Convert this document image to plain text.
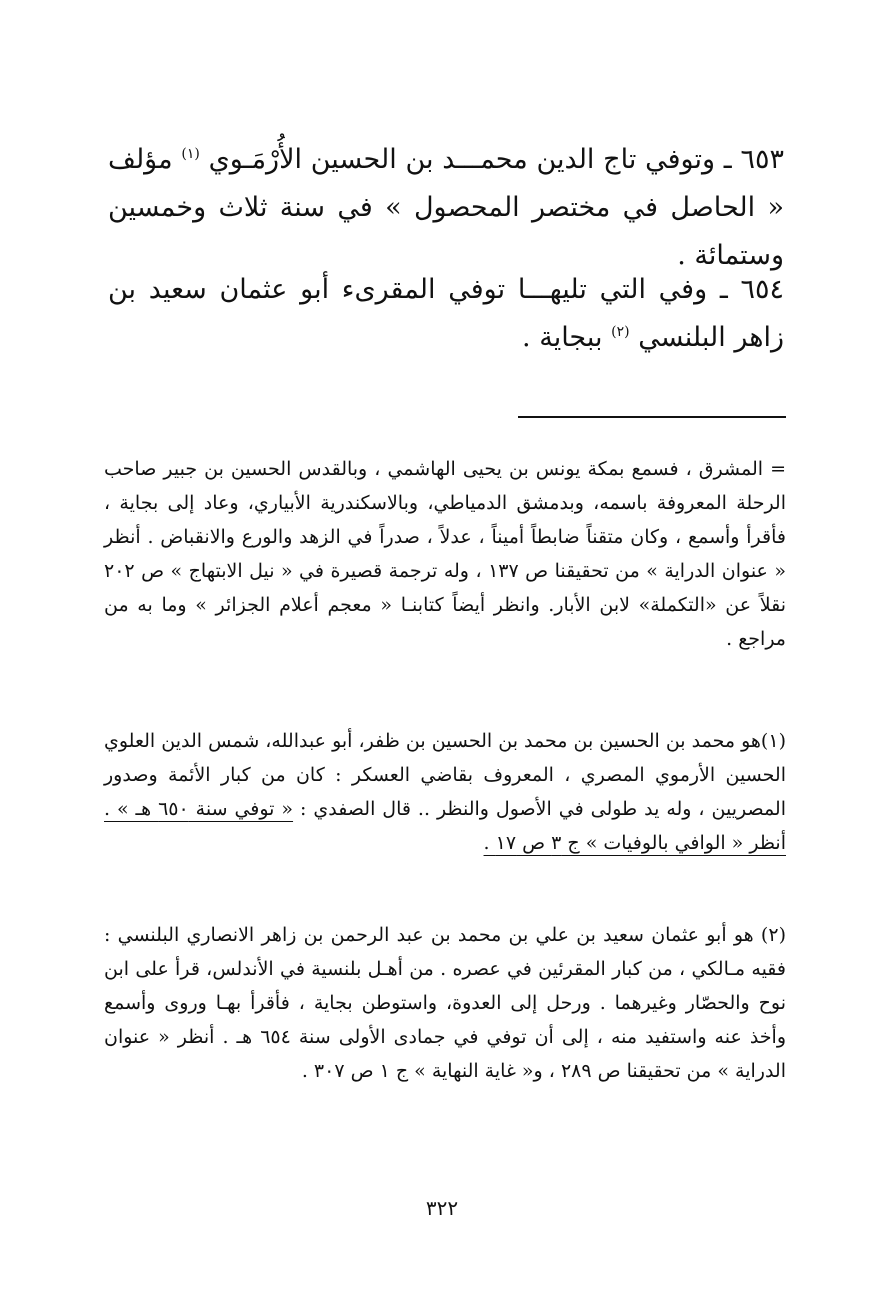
٦٥٣ ـ وتوفي تاج الدين محمـــد بن الحسين الأُرْمَـوي $^{(١)}$ مؤلف « الحاصل في مختصر المحصول » في سنة ثلاث وخمسين وستمائة .

٦٥٤ ـ وفي التي تليهـــا توفي المقرىء أبو عثمان سعيد بن زاهر البلنسي $^{(٢)}$ ببجاية .

= المشرق ، فسمع بمكة يونس بن يحيى الهاشمي ، وبالقدس الحسين بن جبير صاحب الرحلة المعروفة باسمه، وبدمشق الدمياطي، وبالاسكندرية الأبياري، وعاد إلى بجاية ، فأقرأ وأسمع ، وكان متقناً ضابطاً أميناً ، عدلاً ، صدراً في الزهد والورع والانقباض . أنظر « عنوان الدراية » من تحقيقنا ص ١٣٧ ، وله ترجمة قصيرة في « نيل الابتهاج » ص ٢٠٢ نقلاً عن «التكملة» لابن الأبار. وانظر أيضاً كتابنـا « معجم أعلام الجزائر » وما به من مراجع .

(١)هو محمد بن الحسين بن محمد بن الحسين بن ظفر، أبو عبدالله، شمس الدين العلوي الحسين الأرموي المصري ، المعروف بقاضي العسكر : كان من كبار الأئمة وصدور المصريين ، وله يد طولى في الأصول والنظر .. قال الصفدي : « توفي سنة ٦٥٠ هـ » . أنظر « الوافي بالوفيات » ج ٣ ص ١٧ .

(٢) هو أبو عثمان سعيد بن علي بن محمد بن عبد الرحمن بن زاهر الانصاري البلنسي : فقيه مـالكي ، من كبار المقرئين في عصره . من أهـل بلنسية في الأندلس، قرأ على ابن نوح والحصّار وغيرهما . ورحل إلى العدوة، واستوطن بجاية ، فأقرأ بهـا وروى وأسمع وأخذ عنه واستفيد منه ، إلى أن توفي في جمادى الأولى سنة ٦٥٤ هـ . أنظر « عنوان الدراية » من تحقيقنا ص ٢٨٩ ، و« غاية النهاية » ج ١ ص ٣٠٧ .

٣٢٢
